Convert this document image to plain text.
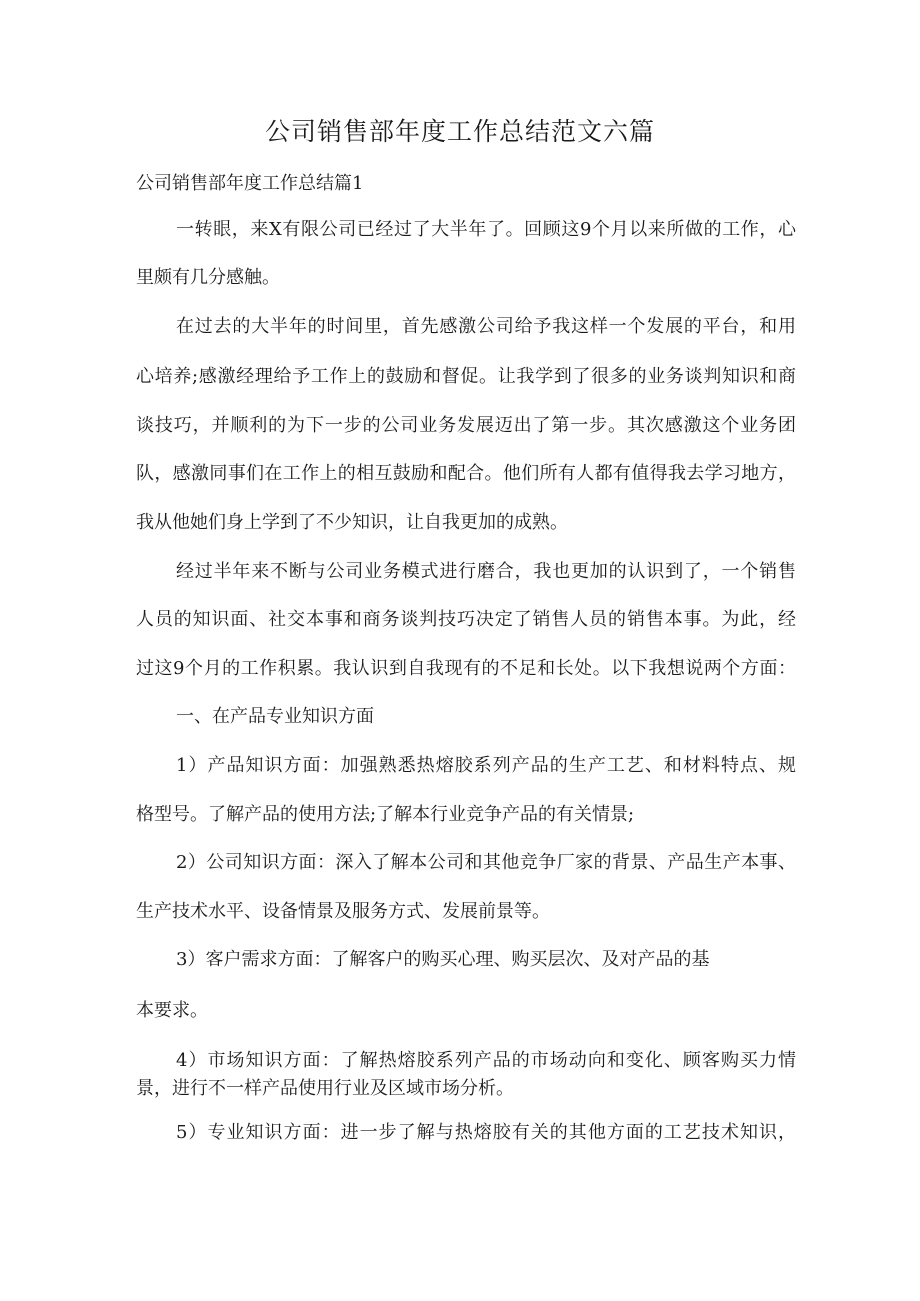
公司销售部年度工作总结范文六篇
公司销售部年度工作总结篇1

一转眼，来X有限公司已经过了大半年了。回顾这9个月以来所做的工作，心

里颇有几分感触。

在过去的大半年的时间里，首先感激公司给予我这样一个发展的平台，和用

心培养;感激经理给予工作上的鼓励和督促。让我学到了很多的业务谈判知识和商

谈技巧，并顺利的为下一步的公司业务发展迈出了第一步。其次感激这个业务团

队，感激同事们在工作上的相互鼓励和配合。他们所有人都有值得我去学习地方，

我从他她们身上学到了不少知识，让自我更加的成熟。

经过半年来不断与公司业务模式进行磨合，我也更加的认识到了，一个销售

人员的知识面、社交本事和商务谈判技巧决定了销售人员的销售本事。为此，经

过这9个月的工作积累。我认识到自我现有的不足和长处。以下我想说两个方面：

一、在产品专业知识方面

1）产品知识方面：加强熟悉热熔胶系列产品的生产工艺、和材料特点、规

格型号。了解产品的使用方法;了解本行业竞争产品的有关情景;

2）公司知识方面：深入了解本公司和其他竞争厂家的背景、产品生产本事、

生产技术水平、设备情景及服务方式、发展前景等。

3）客户需求方面：了解客户的购买心理、购买层次、及对产品的基

本要求。

4）市场知识方面：了解热熔胶系列产品的市场动向和变化、顾客购买力情

景，进行不一样产品使用行业及区域市场分析。

5）专业知识方面：进一步了解与热熔胶有关的其他方面的工艺技术知识，
